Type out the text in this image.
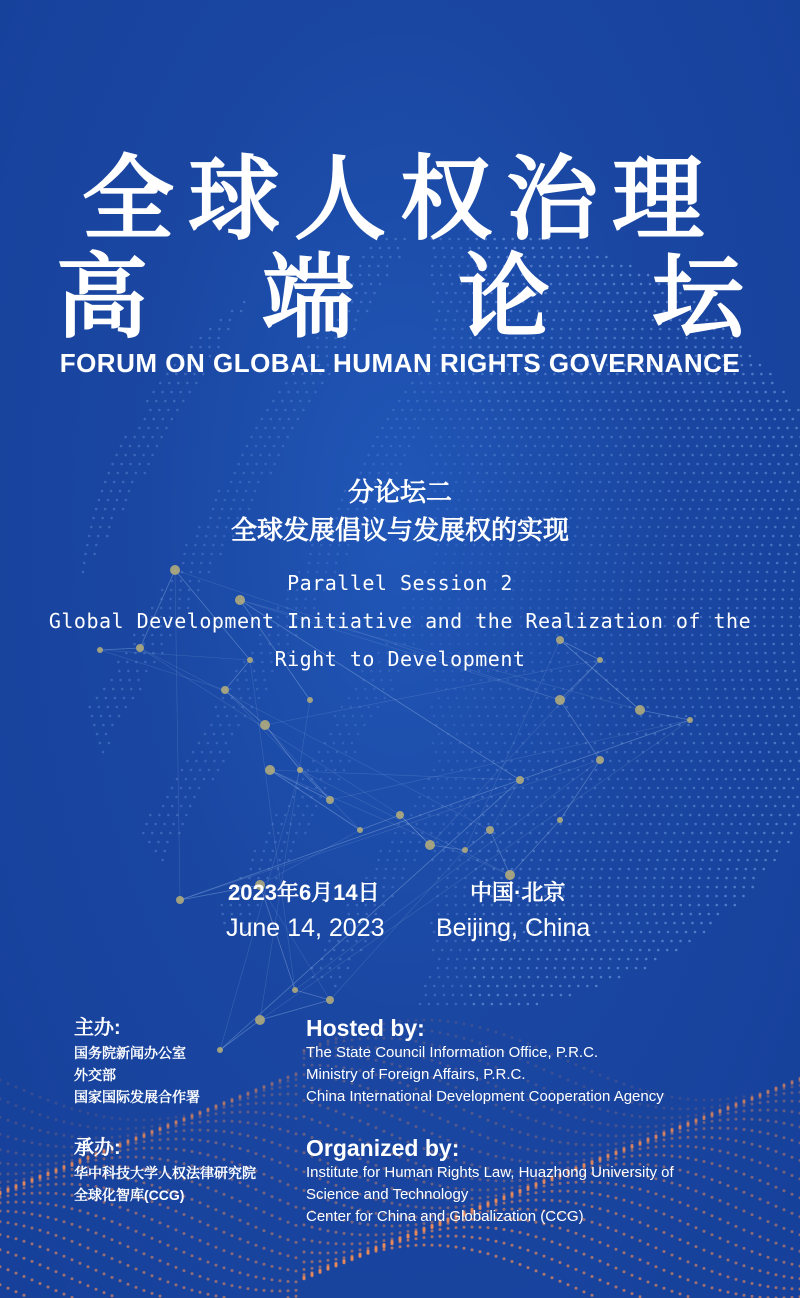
全球人权治理
高 端 论 坛
FORUM ON GLOBAL HUMAN RIGHTS GOVERNANCE
分论坛二
全球发展倡议与发展权的实现
Parallel Session 2
Global Development Initiative and the Realization of the
Right to Development
2023年6月14日
June 14, 2023
中国·北京
Beijing, China
主办:
国务院新闻办公室
外交部
国家国际发展合作署
Hosted by:
The State Council Information Office, P.R.C.
Ministry of Foreign Affairs, P.R.C.
China International Development Cooperation Agency
承办:
华中科技大学人权法律研究院
全球化智库(CCG)
Organized by:
Institute for Human Rights Law, Huazhong University of
Science and Technology
Center for China and Globalization (CCG)
